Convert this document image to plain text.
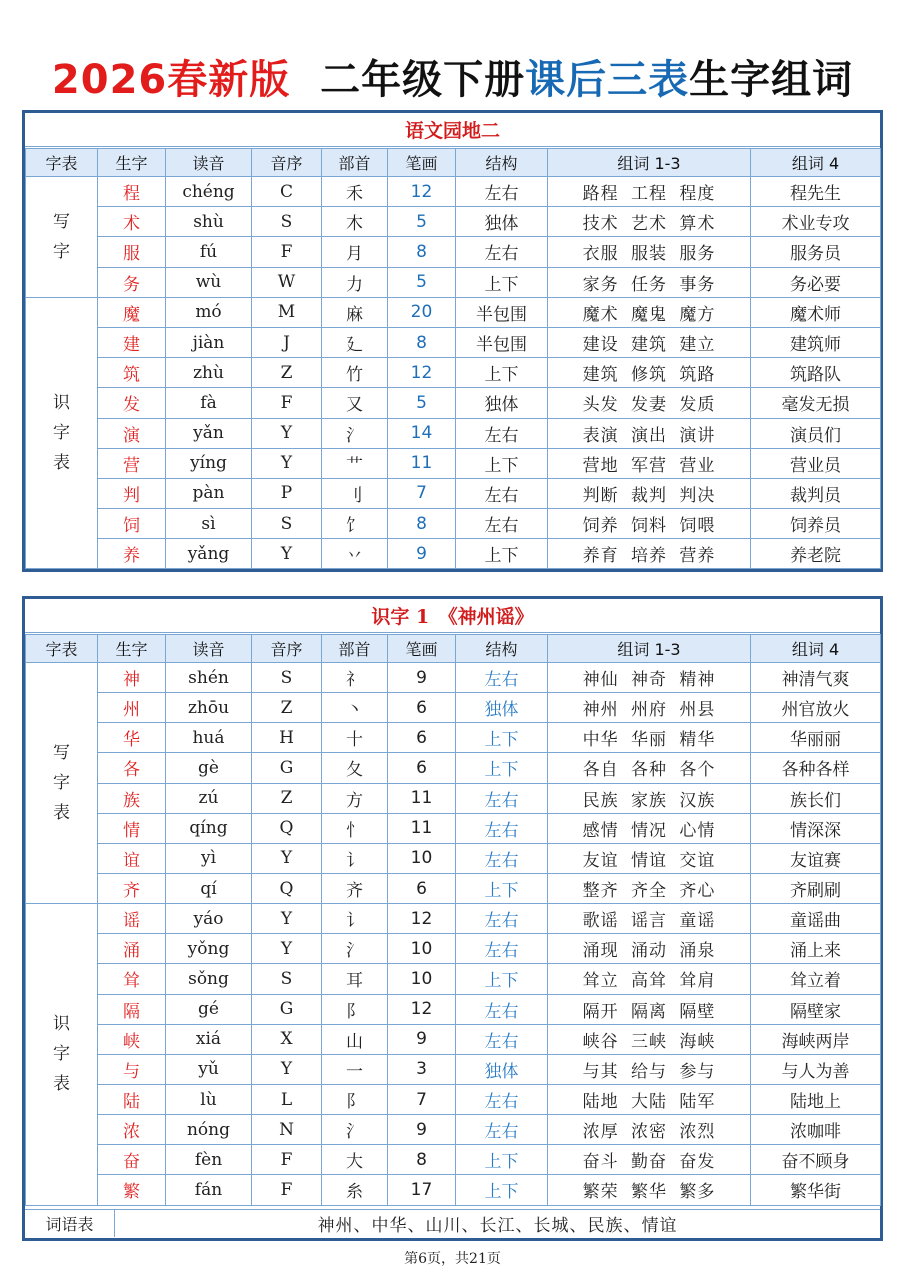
2026春新版 二年级下册课后三表生字组词
语文园地二
字表	生字	读音	音序	部首	笔画	结构	组词 1-3	组词 4

写
字	程	chéng	C	禾	12	左右	路程 工程 程度	程先生
	术	shù	S	木	5	独体	技术 艺术 算术	术业专攻
	服	fú	F	月	8	左右	衣服 服装 服务	服务员
	务	wù	W	力	5	上下	家务 任务 事务	务必要

识
字
表	魔	mó	M	麻	20	半包围	魔术 魔鬼 魔方	魔术师
	建	jiàn	J	廴	8	半包围	建设 建筑 建立	建筑师
	筑	zhù	Z	竹	12	上下	建筑 修筑 筑路	筑路队
	发	fà	F	又	5	独体	头发 发妻 发质	毫发无损
	演	yǎn	Y	氵	14	左右	表演 演出 演讲	演员们
	营	yíng	Y	艹	11	上下	营地 军营 营业	营业员
	判	pàn	P	刂	7	左右	判断 裁判 判决	裁判员
	饲	sì	S	饣	8	左右	饲养 饲料 饲喂	饲养员
	养	yǎng	Y	丷	9	上下	养育 培养 营养	养老院
识字 1　《神州谣》
字表	生字	读音	音序	部首	笔画	结构	组词 1-3	组词 4

写
字
表	神	shén	S	礻	9	左右	神仙 神奇 精神	神清气爽
	州	zhōu	Z	丶	6	独体	神州 州府 州县	州官放火
	华	huá	H	十	6	上下	中华 华丽 精华	华丽丽
	各	gè	G	夂	6	上下	各自 各种 各个	各种各样
	族	zú	Z	方	11	左右	民族 家族 汉族	族长们
	情	qíng	Q	忄	11	左右	感情 情况 心情	情深深
	谊	yì	Y	讠	10	左右	友谊 情谊 交谊	友谊赛
	齐	qí	Q	齐	6	上下	整齐 齐全 齐心	齐刷刷

识
字
表	谣	yáo	Y	讠	12	左右	歌谣 谣言 童谣	童谣曲
	涌	yǒng	Y	氵	10	左右	涌现 涌动 涌泉	涌上来
	耸	sǒng	S	耳	10	上下	耸立 高耸 耸肩	耸立着
	隔	gé	G	阝	12	左右	隔开 隔离 隔壁	隔壁家
	峡	xiá	X	山	9	左右	峡谷 三峡 海峡	海峡两岸
	与	yǔ	Y	一	3	独体	与其 给与 参与	与人为善
	陆	lù	L	阝	7	左右	陆地 大陆 陆军	陆地上
	浓	nóng	N	氵	9	左右	浓厚 浓密 浓烈	浓咖啡
	奋	fèn	F	大	8	上下	奋斗 勤奋 奋发	奋不顾身
	繁	fán	F	糸	17	上下	繁荣 繁华 繁多	繁华街
词语表	神州、中华、山川、长江、长城、民族、情谊
第6页，共21页
